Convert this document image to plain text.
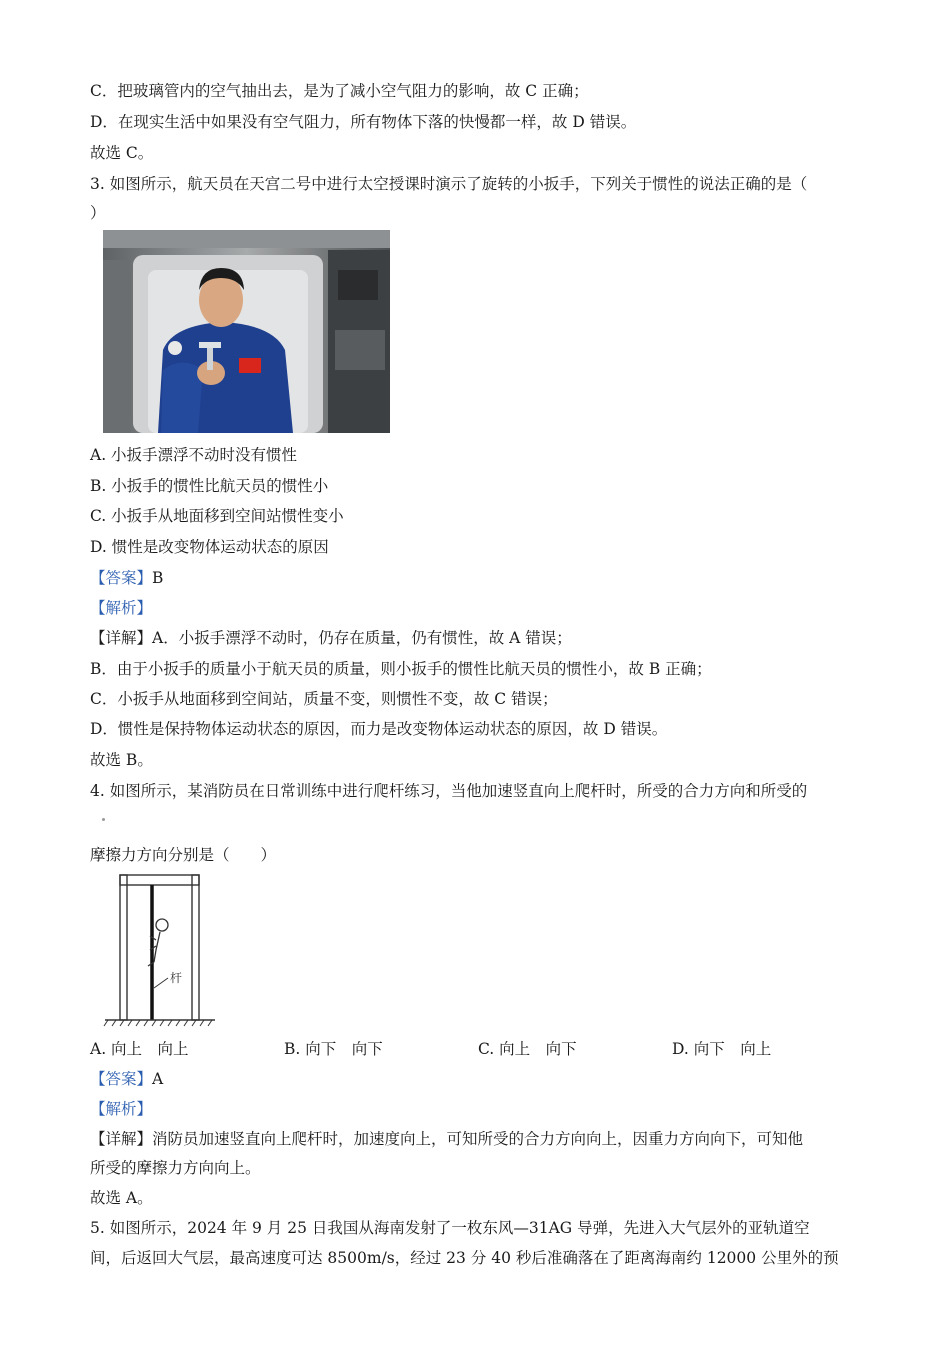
C．把玻璃管内的空气抽出去，是为了减小空气阻力的影响，故 C 正确；
D．在现实生活中如果没有空气阻力，所有物体下落的快慢都一样，故 D 错误。
故选 C。
3. 如图所示，航天员在天宫二号中进行太空授课时演示了旋转的小扳手，下列关于惯性的说法正确的是（
）
A. 小扳手漂浮不动时没有惯性
B. 小扳手的惯性比航天员的惯性小
C. 小扳手从地面移到空间站惯性变小
D. 惯性是改变物体运动状态的原因
【答案】B
【解析】
【详解】A．小扳手漂浮不动时，仍存在质量，仍有惯性，故 A 错误；
B．由于小扳手的质量小于航天员的质量，则小扳手的惯性比航天员的惯性小，故 B 正确；
C．小扳手从地面移到空间站，质量不变，则惯性不变，故 C 错误；
D．惯性是保持物体运动状态的原因，而力是改变物体运动状态的原因，故 D 错误。
故选 B。
4. 如图所示，某消防员在日常训练中进行爬杆练习，当他加速竖直向上爬杆时，所受的合力方向和所受的
摩擦力方向分别是（　　）
杆
A. 向上　向上	B. 向下　向下	C. 向上　向下	D. 向下　向上
【答案】A
【解析】
【详解】消防员加速竖直向上爬杆时，加速度向上，可知所受的合力方向向上，因重力方向向下，可知他
所受的摩擦力方向向上。
故选 A。
5. 如图所示，2024 年 9 月 25 日我国从海南发射了一枚东风—31AG 导弹，先进入大气层外的亚轨道空
间，后返回大气层，最高速度可达 8500m/s，经过 23 分 40 秒后准确落在了距离海南约 12000 公里外的预
